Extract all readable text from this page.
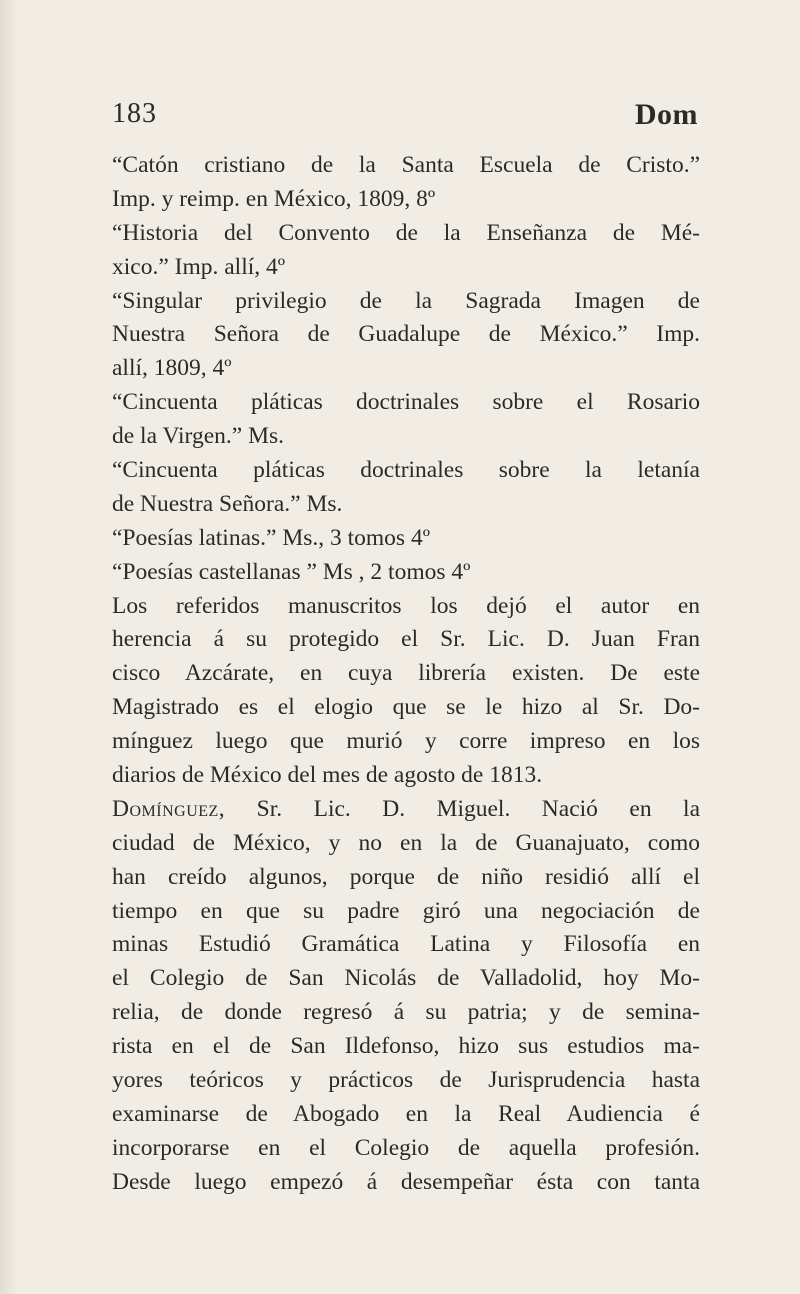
183	Dom
“Catón cristiano de la Santa Escuela de Cristo.”
Imp. y reimp. en México, 1809, 8º
“Historia del Convento de la Enseñanza de Mé-
xico.” Imp. allí, 4º
“Singular privilegio de la Sagrada Imagen de
Nuestra Señora de Guadalupe de México.” Imp.
allí, 1809, 4º
“Cincuenta pláticas doctrinales sobre el Rosario
de la Virgen.” Ms.
“Cincuenta pláticas doctrinales sobre la letanía
de Nuestra Señora.” Ms.
“Poesías latinas.” Ms., 3 tomos 4º
“Poesías castellanas ” Ms , 2 tomos 4º
Los referidos manuscritos los dejó el autor en
herencia á su protegido el Sr. Lic. D. Juan Fran
cisco Azcárate, en cuya librería existen. De este
Magistrado es el elogio que se le hizo al Sr. Do-
mínguez luego que murió y corre impreso en los
diarios de México del mes de agosto de 1813.
Domínguez, Sr. Lic. D. Miguel. Nació en la
ciudad de México, y no en la de Guanajuato, como
han creído algunos, porque de niño residió allí el
tiempo en que su padre giró una negociación de
minas Estudió Gramática Latina y Filosofía en
el Colegio de San Nicolás de Valladolid, hoy Mo-
relia, de donde regresó á su patria; y de semina-
rista en el de San Ildefonso, hizo sus estudios ma-
yores teóricos y prácticos de Jurisprudencia hasta
examinarse de Abogado en la Real Audiencia é
incorporarse en el Colegio de aquella profesión.
Desde luego empezó á desempeñar ésta con tanta
